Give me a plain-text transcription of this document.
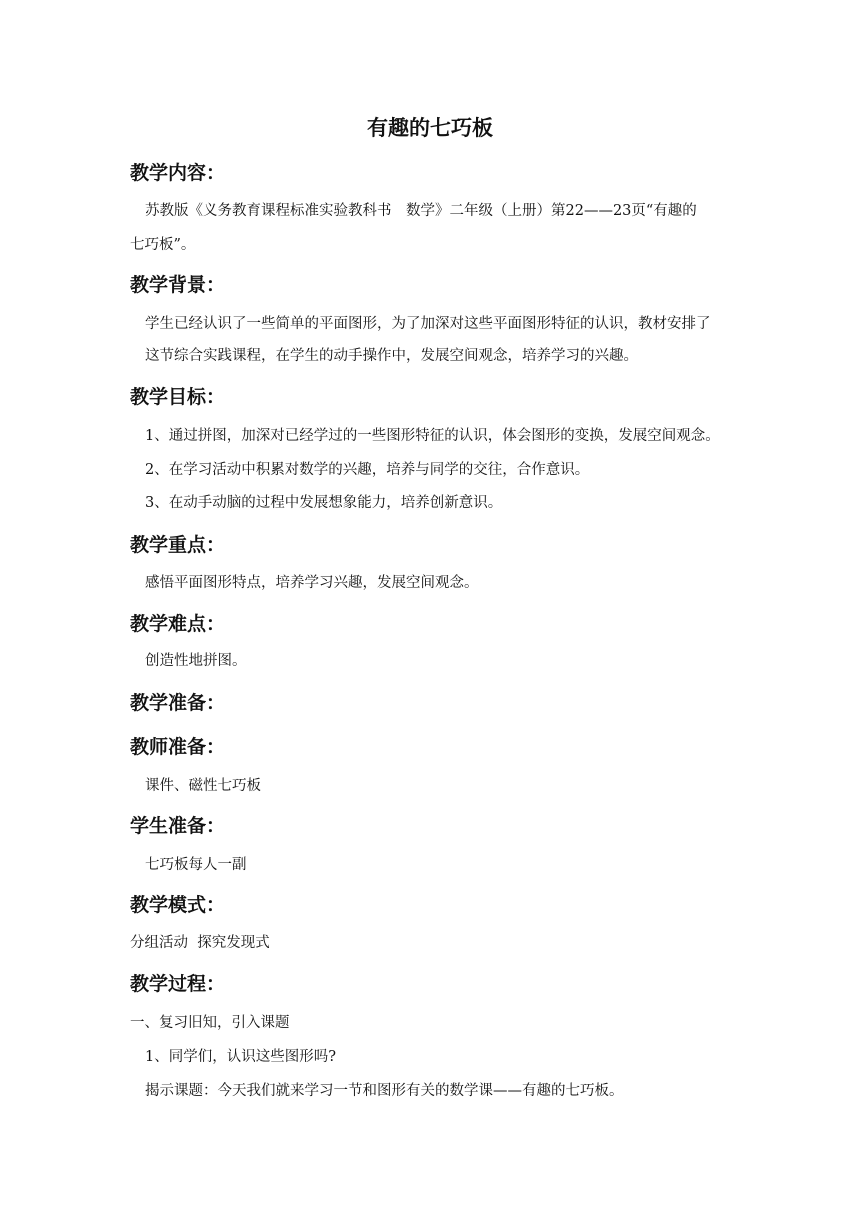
有趣的七巧板
教学内容：
苏教版《义务教育课程标准实验教科书　数学》二年级（上册）第22——23页“有趣的
七巧板”。
教学背景：
学生已经认识了一些简单的平面图形，为了加深对这些平面图形特征的认识，教材安排了
这节综合实践课程，在学生的动手操作中，发展空间观念，培养学习的兴趣。
教学目标：
1、通过拼图，加深对已经学过的一些图形特征的认识，体会图形的变换，发展空间观念。
2、在学习活动中积累对数学的兴趣，培养与同学的交往，合作意识。
3、在动手动脑的过程中发展想象能力，培养创新意识。
教学重点：
感悟平面图形特点，培养学习兴趣，发展空间观念。
教学难点：
创造性地拼图。
教学准备：
教师准备：
课件、磁性七巧板
学生准备：
七巧板每人一副
教学模式：
分组活动  探究发现式
教学过程：
一、复习旧知，引入课题
1、同学们，认识这些图形吗?
揭示课题：今天我们就来学习一节和图形有关的数学课——有趣的七巧板。
